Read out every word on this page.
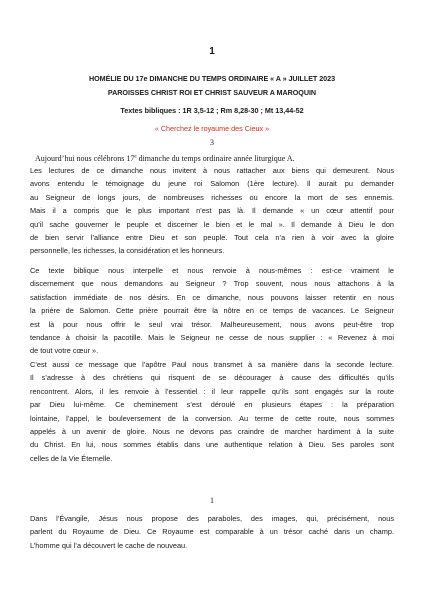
1
HOMÉLIE DU 17e DIMANCHE DU TEMPS ORDINAIRE « A » JUILLET 2023
PAROISSES CHRIST ROI ET CHRIST SAUVEUR A MAROQUIN
Textes bibliques : 1R 3,5-12 ; Rm 8,28-30 ; Mt 13,44-52
« Cherchez le royaume des Cieux »
3
Aujourd’hui nous célébrons 17e dimanche du temps ordinaire année liturgique A.
Les lectures de ce dimanche nous invitent à nous rattacher aux biens qui demeurent. Nous
avons entendu le témoignage du jeune roi Salomon (1ère lecture). Il aurait pu demander
au Seigneur de longs jours, de nombreuses richesses ou encore la mort de ses ennemis.
Mais il a compris que le plus important n’est pas là. Il demande « un cœur attentif pour
qu’il sache gouverner le peuple et discerner le bien et le mal ». Il demande à Dieu le don
de bien servir l’alliance entre Dieu et son peuple. Tout cela n’a rien à voir avec la gloire
personnelle, les richesses, la considération et les honneurs.
Ce texte biblique nous interpelle et nous renvoie à nous-mêmes : est-ce vraiment le
discernement que nous demandons au Seigneur ? Trop souvent, nous nous attachons à la
satisfaction immédiate de nos désirs. En ce dimanche, nous pouvons laisser retentir en nous
la prière de Salomon. Cette prière pourrait être la nôtre en ce temps de vacances. Le Seigneur
est là pour nous offrir le seul vrai trésor. Malheureusement, nous avons peut-être trop
tendance à choisir la pacotille. Mais le Seigneur ne cesse de nous supplier : « Revenez à moi
de tout votre cœur ».
C’est aussi ce message que l’apôtre Paul nous transmet à sa manière dans la seconde lecture.
Il s’adresse à des chrétiens qui risquent de se décourager à cause des difficultés qu’ils
rencontrent. Alors, il les renvoie à l’essentiel : il leur rappelle qu’ils sont engagés sur la route
par Dieu lui-même. Ce cheminement s’est déroulé en plusieurs étapes : la préparation
lointaine, l’appel, le bouleversement de la conversion. Au terme de cette route, nous sommes
appelés à un avenir de gloire. Nous ne devons pas craindre de marcher hardiment à la suite
du Christ. En lui, nous sommes établis dans une authentique relation à Dieu. Ses paroles sont
celles de la Vie Éternelle.
1
Dans l’Évangile, Jésus nous propose des paraboles, des images, qui, précisément, nous
parlent du Royaume de Dieu. Ce Royaume est comparable à un trésor caché dans un champ.
L’homme qui l’a découvert le cache de nouveau.
